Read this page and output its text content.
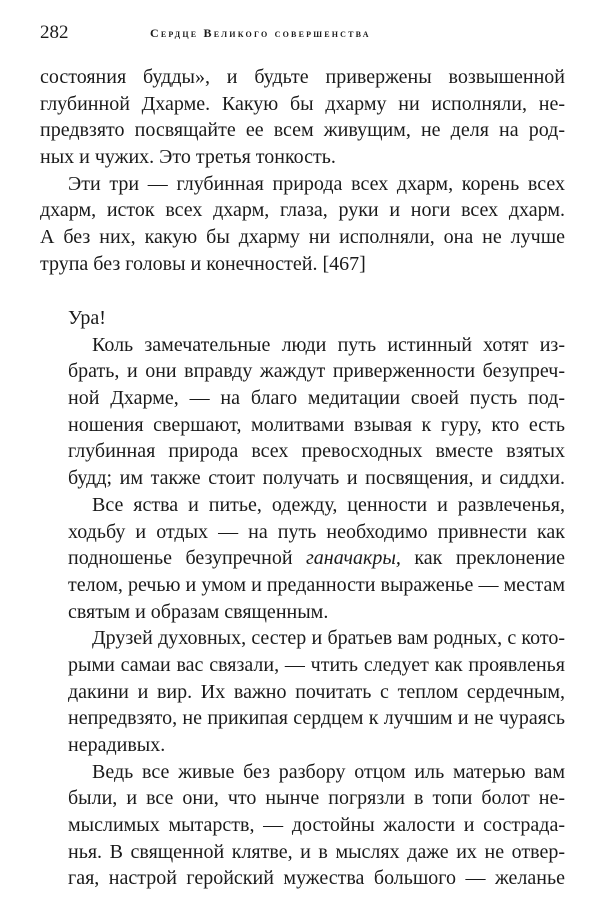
282	Сердце Великого совершенства
состояния будды», и будьте привержены возвышенной
глубинной Дхарме. Какую бы дхарму ни исполняли, не-
предвзято посвящайте ее всем живущим, не деля на род-
ных и чужих. Это третья тонкость.
Эти три — глубинная природа всех дхарм, корень всех
дхарм, исток всех дхарм, глаза, руки и ноги всех дхарм.
А без них, какую бы дхарму ни исполняли, она не лучше
трупа без головы и конечностей. [467]
Ура!
Коль замечательные люди путь истинный хотят из-
брать, и они вправду жаждут приверженности безупреч-
ной Дхарме, — на благо медитации своей пусть под-
ношения свершают, молитвами взывая к гуру, кто есть
глубинная природа всех превосходных вместе взятых
будд; им также стоит получать и посвящения, и сиддхи.
Все яства и питье, одежду, ценности и развлеченья,
ходьбу и отдых — на путь необходимо привнести как
подношенье безупречной ганачакры, как преклонение
телом, речью и умом и преданности выраженье — местам
святым и образам священным.
Друзей духовных, сестер и братьев вам родных, с кото-
рыми самаи вас связали, — чтить следует как проявленья
дакини и вир. Их важно почитать с теплом сердечным,
непредвзято, не прикипая сердцем к лучшим и не чураясь
нерадивых.
Ведь все живые без разбору отцом иль матерью вам
были, и все они, что нынче погрязли в топи болот не-
мыслимых мытарств, — достойны жалости и сострада-
нья. В священной клятве, и в мыслях даже их не отвер-
гая, настрой геройский мужества большого — желанье
